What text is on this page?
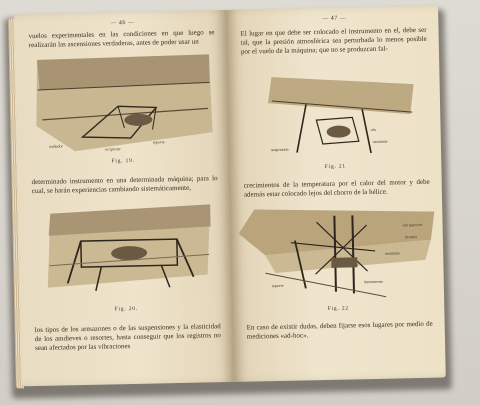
— 46 —
vuelos experimentales en las condiciones en que luego se realizarán las ascensiones verdaderas, antes de poder usar un
radiador
recipiente
soporte
Fig. 19.
determinado instrumento en una determinada máquina; para lo cual, se harán experiencias cambiando sistemáticamente,
Fig. 20.
los tipos de los armazones o de las suspensiones y la elasticidad de los amdieves o resortes, hasta conseguir que los registros no sean afectados por las vibraciones
— 47 —
El lugar en que debe ser colocado el instrumento en el, debe ser tal, que la presión atmosférica sea perturbada lo menos posible por el vuelo de la máquina; que no se produzcan fal-
ala
montante
suspensión
Fig. 21
crecimientos de la temperatura por el calor del motor y debe además estar colocado lejos del chorro de la hélice.
ala superior
tirantes
montante
soporte
instrumento
Fig. 22
En caso de existir dudas, deben fijarse esos lugares por medio de mediciones «ad-hoc».
